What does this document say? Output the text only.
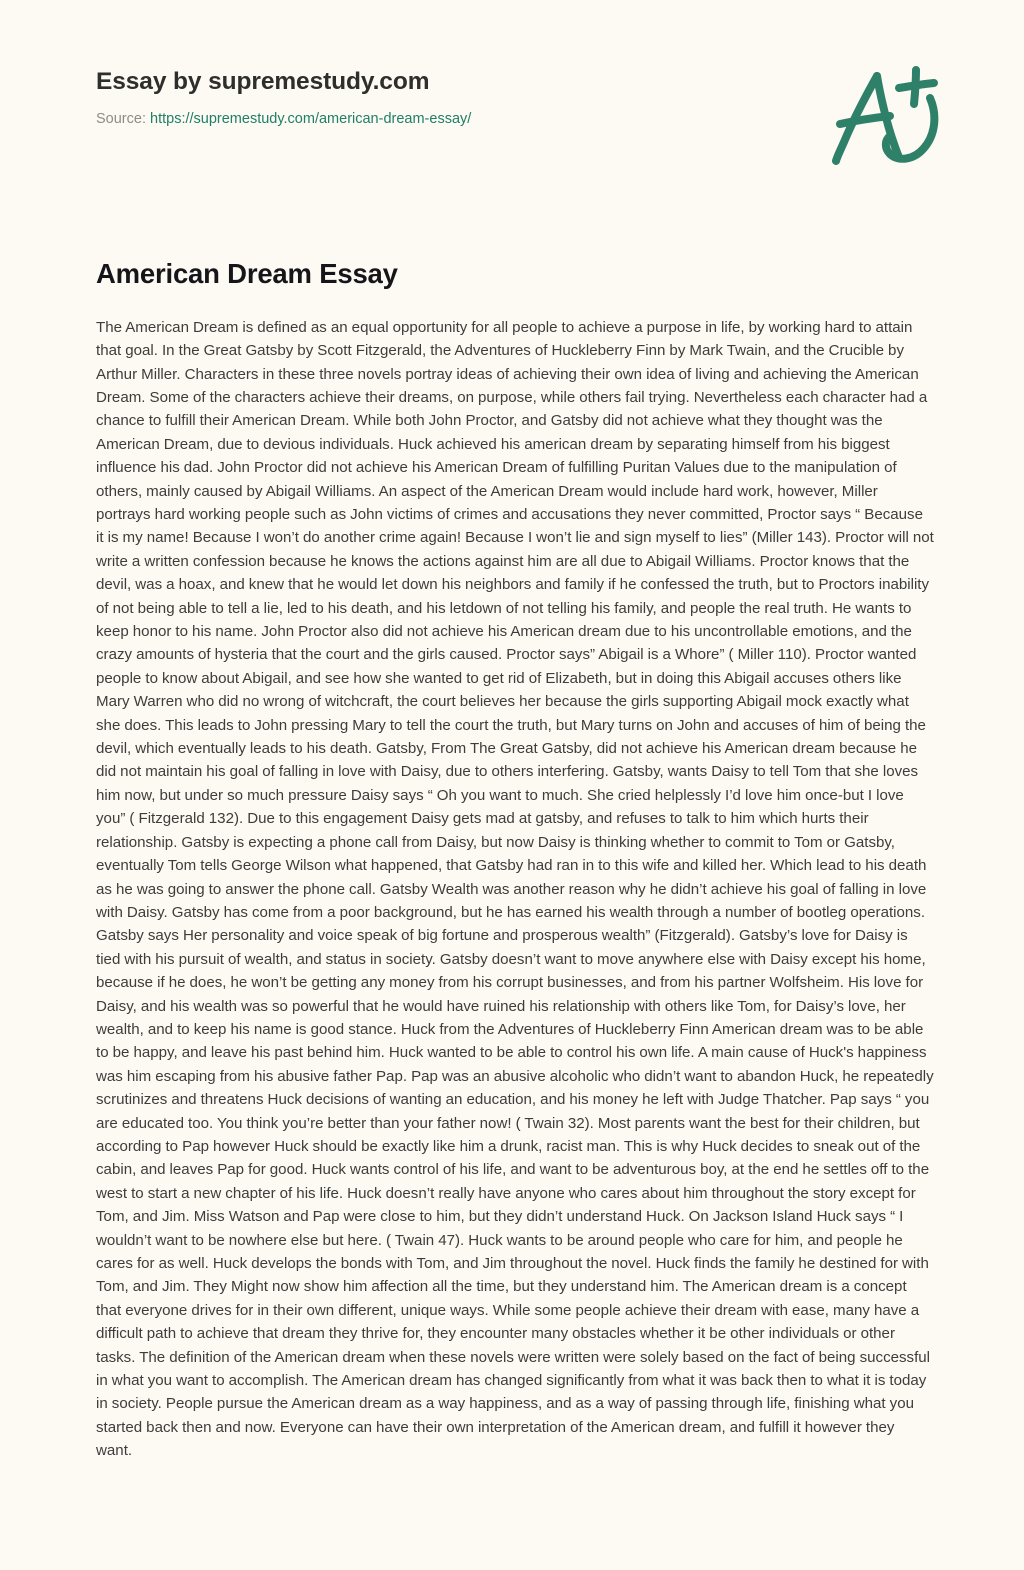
Essay by supremestudy.com
Source: https://supremestudy.com/american-dream-essay/
American Dream Essay

The American Dream is defined as an equal opportunity for all people to achieve a purpose in life, by working hard to attain that goal. In the Great Gatsby by Scott Fitzgerald, the Adventures of Huckleberry Finn by Mark Twain, and the Crucible by Arthur Miller. Characters in these three novels portray ideas of achieving their own idea of living and achieving the American Dream. Some of the characters achieve their dreams, on purpose, while others fail trying. Nevertheless each character had a chance to fulfill their American Dream. While both John Proctor, and Gatsby did not achieve what they thought was the American Dream, due to devious individuals. Huck achieved his american dream by separating himself from his biggest influence his dad. John Proctor did not achieve his American Dream of fulfilling Puritan Values due to the manipulation of others, mainly caused by Abigail Williams. An aspect of the American Dream would include hard work, however, Miller portrays hard working people such as John victims of crimes and accusations they never committed, Proctor says “ Because it is my name! Because I won’t do another crime again! Because I won’t lie and sign myself to lies” (Miller 143). Proctor will not write a written confession because he knows the actions against him are all due to Abigail Williams. Proctor knows that the devil, was a hoax, and knew that he would let down his neighbors and family if he confessed the truth, but to Proctors inability of not being able to tell a lie, led to his death, and his letdown of not telling his family, and people the real truth. He wants to keep honor to his name. John Proctor also did not achieve his American dream due to his uncontrollable emotions, and the crazy amounts of hysteria that the court and the girls caused. Proctor says” Abigail is a Whore” ( Miller 110). Proctor wanted people to know about Abigail, and see how she wanted to get rid of Elizabeth, but in doing this Abigail accuses others like Mary Warren who did no wrong of witchcraft, the court believes her because the girls supporting Abigail mock exactly what she does. This leads to John pressing Mary to tell the court the truth, but Mary turns on John and accuses of him of being the devil, which eventually leads to his death. Gatsby, From The Great Gatsby, did not achieve his American dream because he did not maintain his goal of falling in love with Daisy, due to others interfering. Gatsby, wants Daisy to tell Tom that she loves him now, but under so much pressure Daisy says “ Oh you want to much. She cried helplessly I’d love him once-but I love you” ( Fitzgerald 132). Due to this engagement Daisy gets mad at gatsby, and refuses to talk to him which hurts their relationship. Gatsby is expecting a phone call from Daisy, but now Daisy is thinking whether to commit to Tom or Gatsby, eventually Tom tells George Wilson what happened, that Gatsby had ran in to this wife and killed her. Which lead to his death as he was going to answer the phone call. Gatsby Wealth was another reason why he didn’t achieve his goal of falling in love with Daisy. Gatsby has come from a poor background, but he has earned his wealth through a number of bootleg operations. Gatsby says Her personality and voice speak of big fortune and prosperous wealth” (Fitzgerald). Gatsby’s love for Daisy is tied with his pursuit of wealth, and status in society. Gatsby doesn’t want to move anywhere else with Daisy except his home, because if he does, he won’t be getting any money from his corrupt businesses, and from his partner Wolfsheim. His love for Daisy, and his wealth was so powerful that he would have ruined his relationship with others like Tom, for Daisy’s love, her wealth, and to keep his name is good stance. Huck from the Adventures of Huckleberry Finn American dream was to be able to be happy, and leave his past behind him. Huck wanted to be able to control his own life. A main cause of Huck's happiness was him escaping from his abusive father Pap. Pap was an abusive alcoholic who didn’t want to abandon Huck, he repeatedly scrutinizes and threatens Huck decisions of wanting an education, and his money he left with Judge Thatcher. Pap says “ you are educated too. You think you’re better than your father now! ( Twain 32). Most parents want the best for their children, but according to Pap however Huck should be exactly like him a drunk, racist man. This is why Huck decides to sneak out of the cabin, and leaves Pap for good. Huck wants control of his life, and want to be adventurous boy, at the end he settles off to the west to start a new chapter of his life. Huck doesn’t really have anyone who cares about him throughout the story except for Tom, and Jim. Miss Watson and Pap were close to him, but they didn’t understand Huck. On Jackson Island Huck says “ I wouldn’t want to be nowhere else but here. ( Twain 47). Huck wants to be around people who care for him, and people he cares for as well. Huck develops the bonds with Tom, and Jim throughout the novel. Huck finds the family he destined for with Tom, and Jim. They Might now show him affection all the time, but they understand him. The American dream is a concept that everyone drives for in their own different, unique ways. While some people achieve their dream with ease, many have a difficult path to achieve that dream they thrive for, they encounter many obstacles whether it be other individuals or other tasks. The definition of the American dream when these novels were written were solely based on the fact of being successful in what you want to accomplish. The American dream has changed significantly from what it was back then to what it is today in society. People pursue the American dream as a way happiness, and as a way of passing through life, finishing what you started back then and now. Everyone can have their own interpretation of the American dream, and fulfill it however they want.
